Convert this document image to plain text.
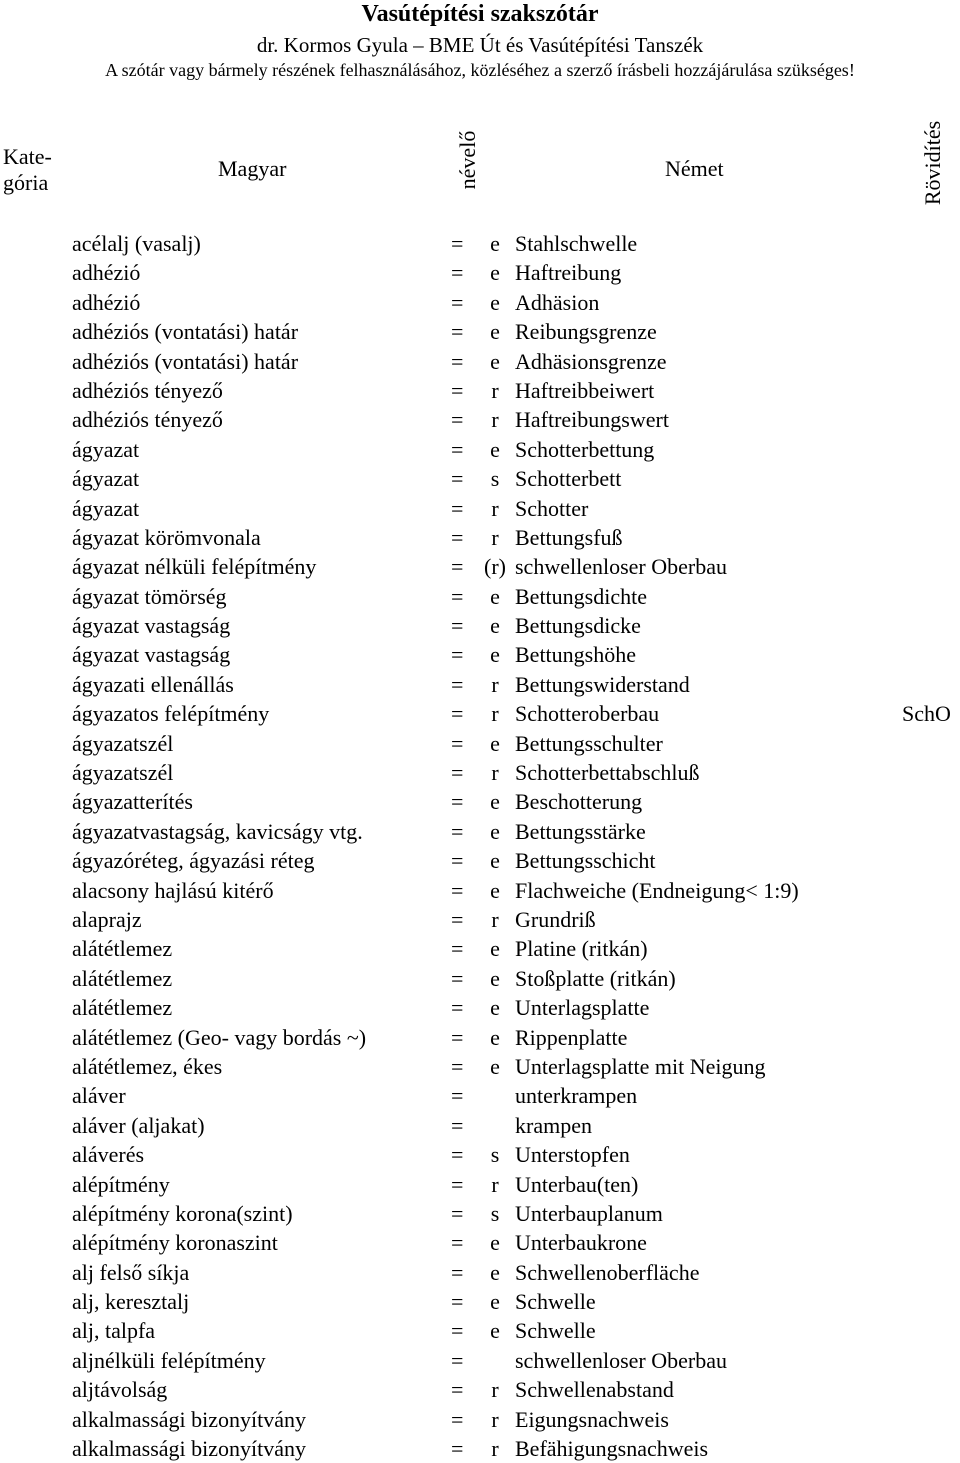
Vasútépítési szakszótár
dr. Kormos Gyula – BME Út és Vasútépítési Tanszék
A szótár vagy bármely részének felhasználásához, közléséhez a szerző írásbeli hozzájárulása szükséges!
Kate-
gória
Magyar	névelő	Német	Rövidítés
acélalj (vasalj)	=	e Stahlschwelle
adhézió	=	e Haftreibung
adhézió	=	e Adhäsion
adhéziós (vontatási) határ	=	e Reibungsgrenze
adhéziós (vontatási) határ	=	e Adhäsionsgrenze
adhéziós tényező	=	r Haftreibbeiwert
adhéziós tényező	=	r Haftreibungswert
ágyazat	=	e Schotterbettung
ágyazat	=	s Schotterbett
ágyazat	=	r Schotter
ágyazat körömvonala	=	r Bettungsfuß
ágyazat nélküli felépítmény	= (r) schwellenloser Oberbau
ágyazat tömörség	=	e Bettungsdichte
ágyazat vastagság	=	e Bettungsdicke
ágyazat vastagság	=	e Bettungshöhe
ágyazati ellenállás	=	r Bettungswiderstand
ágyazatos felépítmény	=	r Schotteroberbau	SchO
ágyazatszél	=	e Bettungsschulter
ágyazatszél	=	r Schotterbettabschluß
ágyazatterítés	=	e Beschotterung
ágyazatvastagság, kavicságy vtg.	=	e Bettungsstärke
ágyazóréteg, ágyazási réteg	=	e Bettungsschicht
alacsony hajlású kitérő	=	e Flachweiche (Endneigung< 1:9)
alaprajz	=	r Grundriß
alátétlemez	=	e Platine (ritkán)
alátétlemez	=	e Stoßplatte (ritkán)
alátétlemez	=	e Unterlagsplatte
alátétlemez (Geo- vagy bordás ~)	=	e Rippenplatte
alátétlemez, ékes	=	e Unterlagsplatte mit Neigung
aláver	= unterkrampen
aláver (aljakat)	= krampen
aláverés	=	s Unterstopfen
alépítmény	=	r Unterbau(ten)
alépítmény korona(szint)	=	s Unterbauplanum
alépítmény koronaszint	=	e Unterbaukrone
alj felső síkja	=	e Schwellenoberfläche
alj, keresztalj	=	e Schwelle
alj, talpfa	=	e Schwelle
aljnélküli felépítmény	= schwellenloser Oberbau
aljtávolság	=	r Schwellenabstand
alkalmassági bizonyítvány	=	r Eigungsnachweis
alkalmassági bizonyítvány	=	r Befähigungsnachweis
